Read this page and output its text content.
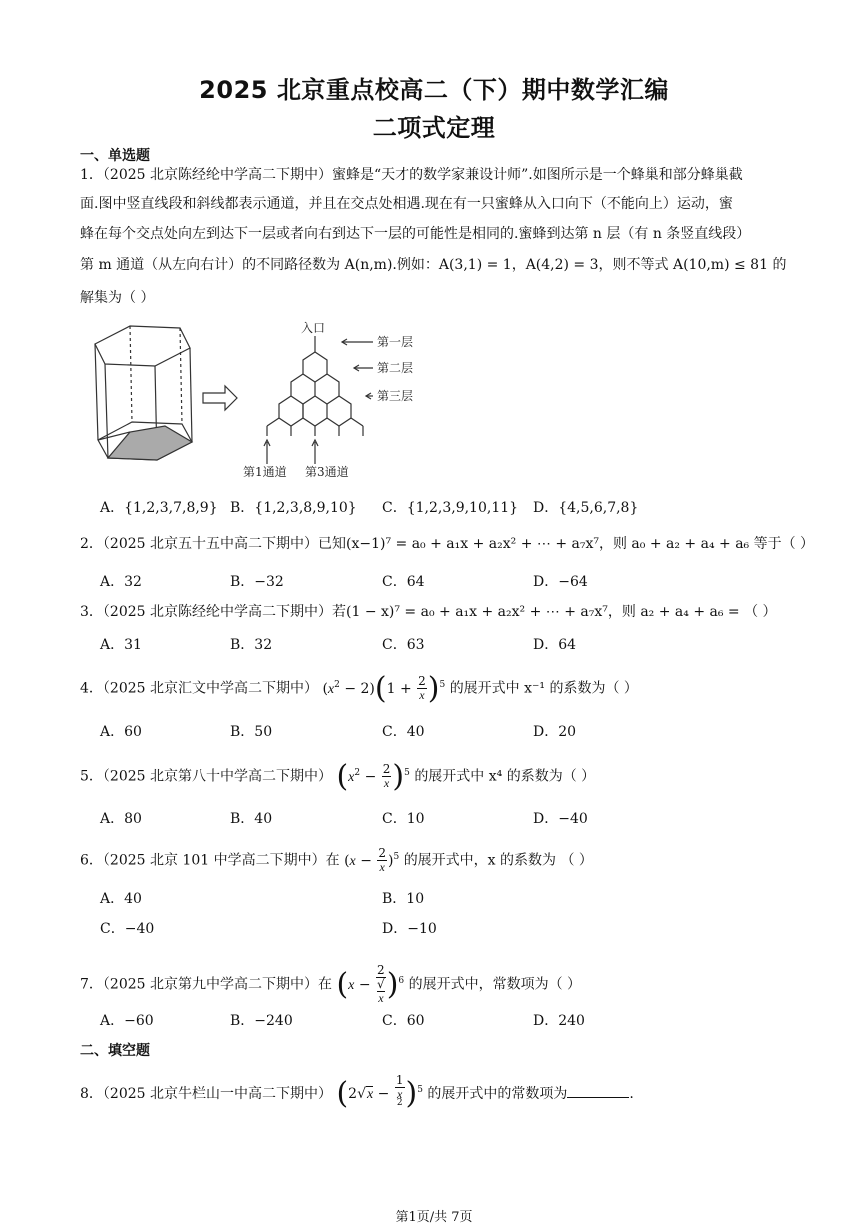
2025 北京重点校高二（下）期中数学汇编
二项式定理
一、单选题
1．（2025 北京陈经纶中学高二下期中）蜜蜂是“天才的数学家兼设计师”.如图所示是一个蜂巢和部分蜂巢截
面.图中竖直线段和斜线都表示通道，并且在交点处相遇.现在有一只蜜蜂从入口向下（不能向上）运动，蜜
蜂在每个交点处向左到达下一层或者向右到达下一层的可能性是相同的.蜜蜂到达第 n 层（有 n 条竖直线段）
第 m 通道（从左向右计）的不同路径数为 A(n,m).例如：A(3,1) = 1，A(4,2) = 3，则不等式 A(10,m) ≤ 81 的
解集为（ ）
入口
第一层
第二层
第三层
第1通道 第3通道
A．{1,2,3,7,8,9} B．{1,2,3,8,9,10} C．{1,2,3,9,10,11} D．{4,5,6,7,8}
2．（2025 北京五十五中高二下期中）已知(x−1)⁷ = a₀ + a₁x + a₂x² + ⋯ + a₇x⁷，则 a₀ + a₂ + a₄ + a₆ 等于（ ）
A．32	B．−32	C．64	D．−64
3．（2025 北京陈经纶中学高二下期中）若(1 − x)⁷ = a₀ + a₁x + a₂x² + ⋯ + a₇x⁷，则 a₂ + a₄ + a₆ = （ ）
A．31	B．32	C．63	D．64
4．（2025 北京汇文中学高二下期中） $(x^2 - 2)(1 + \frac{2}{x} )^5$ 的展开式中 x⁻¹ 的系数为（ ）
A．60	B．50	C．40	D．20
5．（2025 北京第八十中学高二下期中） $(x^2 - \frac{2}{x} )^5$ 的展开式中 x⁴ 的系数为（ ）
A．80	B．40	C．10	D．−40
6．（2025 北京 101 中学高二下期中）在 $(x - \frac{2}{x} )^5$ 的展开式中，x 的系数为 （ ）
A．40	B．10
C．−40	D．−10
7．（2025 北京第九中学高二下期中）在 (x − 2
√
x )$^6$ 的展开式中，常数项为（ ）
A．−60	B．−240	C．60	D．240
二、填空题
8．（2025 北京牛栏山一中高二下期中） (2√x − 1
x
$^2$ )$^5$ 的展开式中的常数项为	.
第1页/共 7页
